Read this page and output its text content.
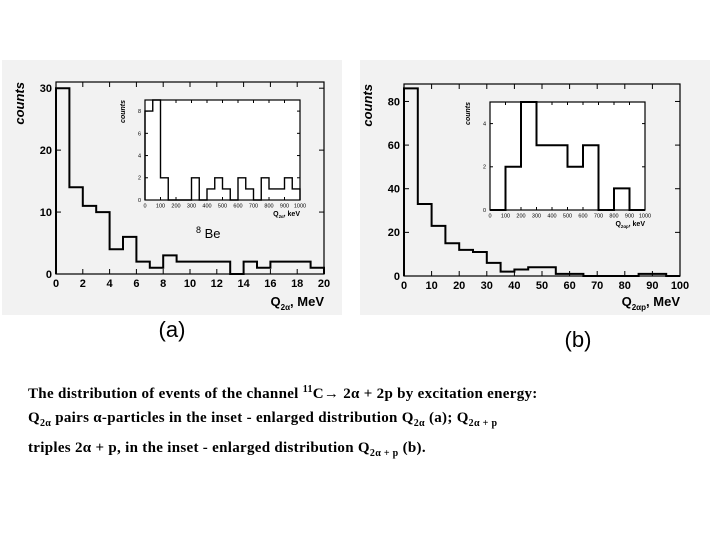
0 2 4 6 8 10 12 14 16 18 20
0
10
20
30
counts
$Q_{2\alpha}$, MeV
0 100 200 300 400 500 600 700 800 900 1000
0
2
4
6
8
counts
$Q_{2\alpha}$, keV
0 10 20 30 40 50 60 70 80 90 100
0
20
40
60
80
counts
$Q_{2\alpha p}$, MeV
0 100 200 300 400 500 600 700 800 900 1000
0
2
4
counts
$Q_{2\alpha p}$, keV
$^8$ Be
(a)	(b)
The distribution of events of the channel $^{11}$C→ 2α + 2p by excitation energy:
$Q_{2\alpha}$ pairs α-particles in the inset - enlarged distribution $Q_{2\alpha}$ (a); $Q_{2\alpha + p}$
triples 2α + p, in the inset - enlarged distribution $Q_{2\alpha + p}$ (b).
